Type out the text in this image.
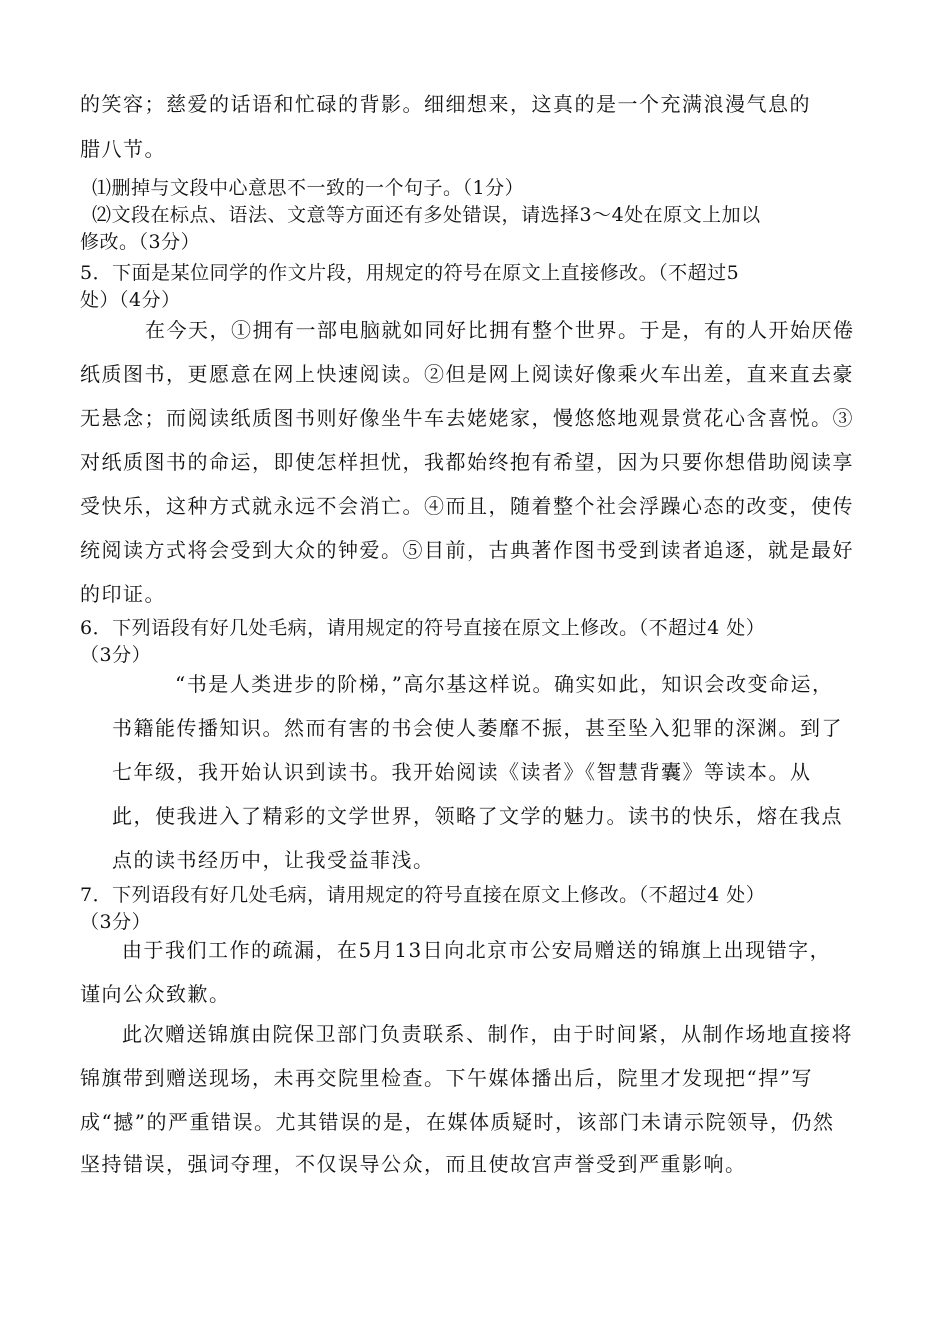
的笑容；慈爱的话语和忙碌的背影。细细想来，这真的是一个充满浪漫气息的
腊八节。
⑴删掉与文段中心意思不一致的一个句子。（1分）
⑵文段在标点、语法、文意等方面还有多处错误，请选择3～4处在原文上加以
修改。（3分）
5．下面是某位同学的作文片段，用规定的符号在原文上直接修改。（不超过5
处）（4分）
在今天，①拥有一部电脑就如同好比拥有整个世界。于是，有的人开始厌倦
纸质图书，更愿意在网上快速阅读。②但是网上阅读好像乘火车出差，直来直去豪
无悬念；而阅读纸质图书则好像坐牛车去姥姥家，慢悠悠地观景赏花心含喜悦。③
对纸质图书的命运，即使怎样担忧，我都始终抱有希望，因为只要你想借助阅读享
受快乐，这种方式就永远不会消亡。④而且，随着整个社会浮躁心态的改变，使传
统阅读方式将会受到大众的钟爱。⑤目前，古典著作图书受到读者追逐，就是最好
的印证。
6．下列语段有好几处毛病，请用规定的符号直接在原文上修改。（不超过4 处）
（3分）
“书是人类进步的阶梯，”高尔基这样说。确实如此，知识会改变命运，
书籍能传播知识。然而有害的书会使人萎靡不振，甚至坠入犯罪的深渊。到了
七年级，我开始认识到读书。我开始阅读《读者》《智慧背囊》等读本。从
此，使我进入了精彩的文学世界，领略了文学的魅力。读书的快乐，熔在我点
点的读书经历中，让我受益菲浅。
7．下列语段有好几处毛病，请用规定的符号直接在原文上修改。（不超过4 处）
（3分）
由于我们工作的疏漏，在5月13日向北京市公安局赠送的锦旗上出现错字，
谨向公众致歉。
此次赠送锦旗由院保卫部门负责联系、制作，由于时间紧，从制作场地直接将
锦旗带到赠送现场，未再交院里检查。下午媒体播出后，院里才发现把“捍”写
成“撼”的严重错误。尤其错误的是，在媒体质疑时，该部门未请示院领导，仍然
坚持错误，强词夺理，不仅误导公众，而且使故宫声誉受到严重影响。
